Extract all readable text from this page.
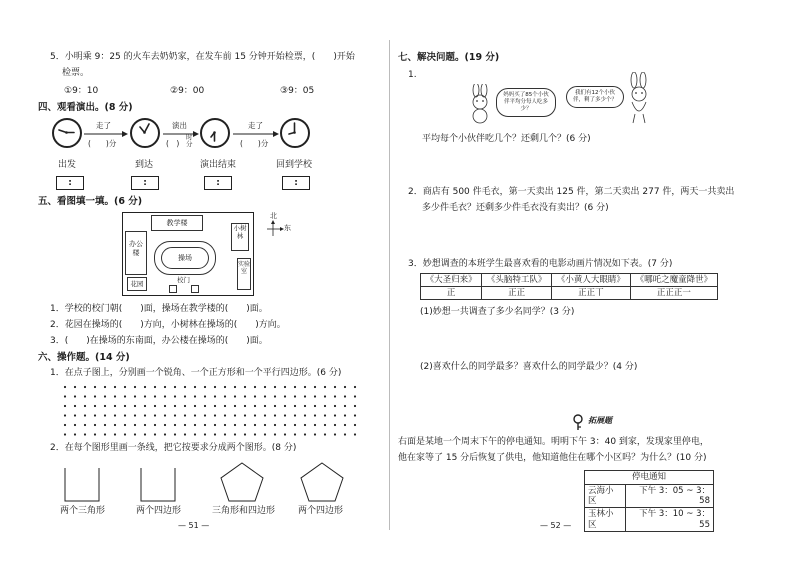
5．小明乘 9：25 的火车去奶奶家，在发车前 15 分钟开始检票，(　　)开始
检票。
①9：10	②9：00	③9：05
四、观看演出。(8 分)
走了
(　　)分
演出
(　)
时分
走了
(　　)分
出发	到达	演出结束	回到学校
:	:	:	:
五、看图填一填。(6 分)
教学楼
办公楼
操场
小树林
实验室
花园	校门
北
东
1．学校的校门朝(　　)面，操场在教学楼的(　　)面。
2．花园在操场的(　　)方向，小树林在操场的(　　)方向。
3．(　　)在操场的东南面，办公楼在操场的(　　)面。
六、操作题。(14 分)
1．在点子图上，分别画一个锐角、一个正方形和一个平行四边形。(6 分)
2．在每个图形里画一条线，把它按要求分成两个图形。(8 分)
两个三角形	两个四边形	三角形和四边形	两个四边形
— 51 —
七、解决问题。(19 分)
1.
妈妈买了85个小伙伴平均分每人吃多少？
我们有12个小伙伴，剩了多少个？
平均每个小伙伴吃几个？还剩几个？(6 分)
2．商店有 500 件毛衣，第一天卖出 125 件，第二天卖出 277 件，两天一共卖出
多少件毛衣？还剩多少件毛衣没有卖出？(6 分)
3．妙想调查的本班学生最喜欢看的电影动画片情况如下表。(7 分)
《大圣归来》	《头脑特工队》	《小黄人大眼睛》	《哪吒之魔童降世》
正	正正	正正丅	正正正一
(1)妙想一共调查了多少名同学？(3 分)
(2)喜欢什么的同学最多？喜欢什么的同学最少？(4 分)
拓展题
右面是某地一个周末下午的停电通知。明明下午 3：40 到家，发现家里停电，
他在家等了 15 分后恢复了供电，他知道他住在哪个小区吗？为什么？(10 分)
停电通知	
云海小区	下午 3：05 ~ 3：58
玉林小区	下午 3：10 ~ 3：55
— 52 —
